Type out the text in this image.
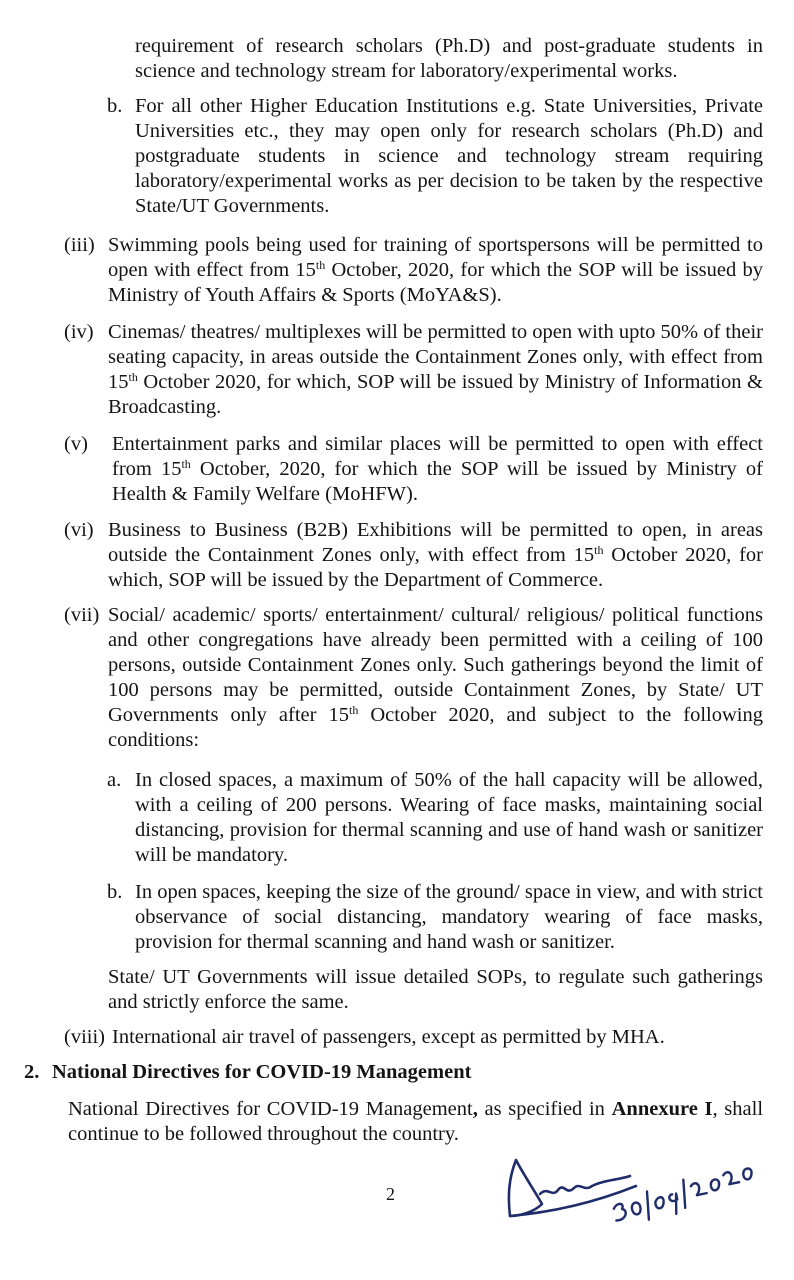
requirement of research scholars (Ph.D) and post-graduate students in science and technology stream for laboratory/experimental works.

b. For all other Higher Education Institutions e.g. State Universities, Private Universities etc., they may open only for research scholars (Ph.D) and postgraduate students in science and technology stream requiring laboratory/experimental works as per decision to be taken by the respective State/UT Governments.

(iii) Swimming pools being used for training of sportspersons will be permitted to open with effect from 15th October, 2020, for which the SOP will be issued by Ministry of Youth Affairs & Sports (MoYA&S).

(iv) Cinemas/ theatres/ multiplexes will be permitted to open with upto 50% of their seating capacity, in areas outside the Containment Zones only, with effect from 15th October 2020, for which, SOP will be issued by Ministry of Information & Broadcasting.

(v) Entertainment parks and similar places will be permitted to open with effect from 15th October, 2020, for which the SOP will be issued by Ministry of Health & Family Welfare (MoHFW).

(vi) Business to Business (B2B) Exhibitions will be permitted to open, in areas outside the Containment Zones only, with effect from 15th October 2020, for which, SOP will be issued by the Department of Commerce.

(vii) Social/ academic/ sports/ entertainment/ cultural/ religious/ political functions and other congregations have already been permitted with a ceiling of 100 persons, outside Containment Zones only. Such gatherings beyond the limit of 100 persons may be permitted, outside Containment Zones, by State/ UT Governments only after 15th October 2020, and subject to the following conditions:

a. In closed spaces, a maximum of 50% of the hall capacity will be allowed, with a ceiling of 200 persons. Wearing of face masks, maintaining social distancing, provision for thermal scanning and use of hand wash or sanitizer will be mandatory.

b. In open spaces, keeping the size of the ground/ space in view, and with strict observance of social distancing, mandatory wearing of face masks, provision for thermal scanning and hand wash or sanitizer.

State/ UT Governments will issue detailed SOPs, to regulate such gatherings and strictly enforce the same.

(viii) International air travel of passengers, except as permitted by MHA.

2. National Directives for COVID-19 Management

National Directives for COVID-19 Management, as specified in Annexure I, shall continue to be followed throughout the country.

2
